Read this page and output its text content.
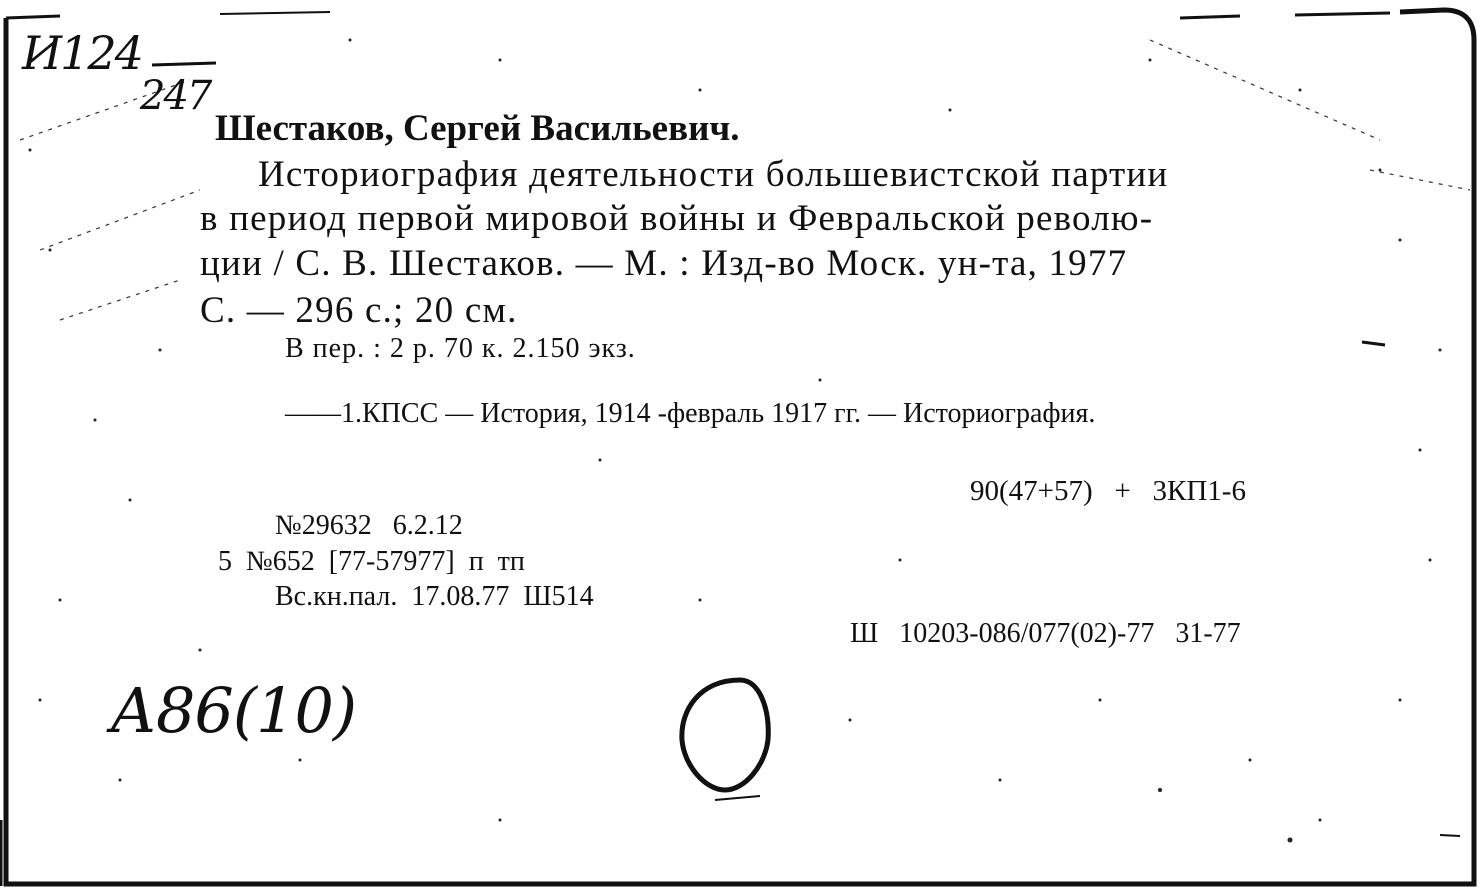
И124
247
Шестаков, Сергей Васильевич.
Историография деятельности большевистской партии
в период первой мировой войны и Февральской револю-
ции / С. В. Шестаков. — М. : Изд-во Моск. ун-та, 1977
С. — 296 с.; 20 см.
В пер. : 2 р. 70 к. 2.150 экз.
——1.КПСС — История, 1914 -февраль 1917 гг. — Историография.
90(47+57)   +   3КП1-6
№29632   6.2.12
5  №652  [77-57977]  п  тп
Вс.кн.пал.  17.08.77  Ш514
Ш   10203-086/077(02)-77   31-77
А86(10)
